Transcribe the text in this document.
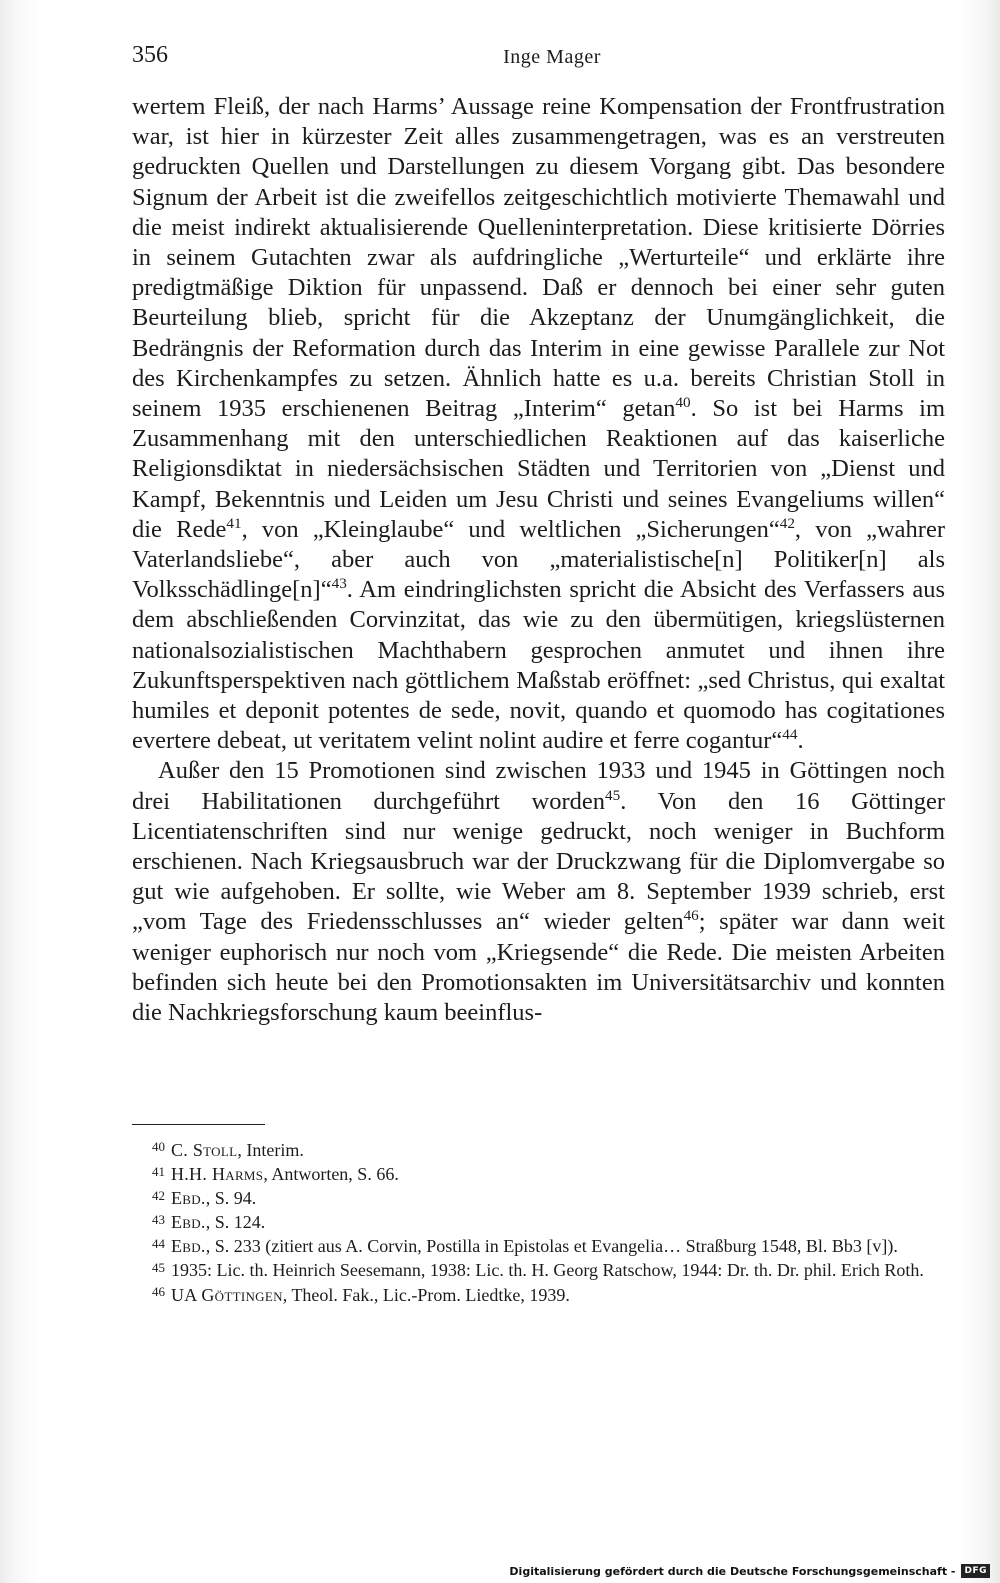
356	Inge Mager

wertem Fleiß, der nach Harms’ Aussage reine Kompensation der Frontfrustration war, ist hier in kürzester Zeit alles zusammengetragen, was es an verstreuten gedruckten Quellen und Darstellungen zu diesem Vorgang gibt. Das besondere Signum der Arbeit ist die zweifellos zeitgeschichtlich motivierte Themawahl und die meist indirekt aktualisierende Quelleninterpretation. Diese kritisierte Dörries in seinem Gutachten zwar als aufdringliche „Werturteile“ und erklärte ihre predigtmäßige Diktion für unpassend. Daß er dennoch bei einer sehr guten Beurteilung blieb, spricht für die Akzeptanz der Unumgänglichkeit, die Bedrängnis der Reformation durch das Interim in eine gewisse Parallele zur Not des Kirchenkampfes zu setzen. Ähnlich hatte es u.a. bereits Christian Stoll in seinem 1935 erschienenen Beitrag „Interim“ getan$^{40}$. So ist bei Harms im Zusammenhang mit den unterschiedlichen Reaktionen auf das kaiserliche Religionsdiktat in niedersächsischen Städten und Territorien von „Dienst und Kampf, Bekenntnis und Leiden um Jesu Christi und seines Evangeliums willen“ die Rede$^{41}$, von „Kleinglaube“ und weltlichen „Sicherungen“$^{42}$, von „wahrer Vaterlandsliebe“, aber auch von „materialistische[n] Politiker[n] als Volksschädlinge[n]“$^{43}$. Am eindringlichsten spricht die Absicht des Verfassers aus dem abschließenden Corvinzitat, das wie zu den übermütigen, kriegslüsternen nationalsozialistischen Machthabern gesprochen anmutet und ihnen ihre Zukunftsperspektiven nach göttlichem Maßstab eröffnet: „sed Christus, qui exaltat humiles et deponit potentes de sede, novit, quando et quomodo has cogitationes evertere debeat, ut veritatem velint nolint audire et ferre cogantur“$^{44}$.

Außer den 15 Promotionen sind zwischen 1933 und 1945 in Göttingen noch drei Habilitationen durchgeführt worden$^{45}$. Von den 16 Göttinger Licentiatenschriften sind nur wenige gedruckt, noch weniger in Buchform erschienen. Nach Kriegsausbruch war der Druckzwang für die Diplomvergabe so gut wie aufgehoben. Er sollte, wie Weber am 8. September 1939 schrieb, erst „vom Tage des Friedensschlusses an“ wieder gelten$^{46}$; später war dann weit weniger euphorisch nur noch vom „Kriegsende“ die Rede. Die meisten Arbeiten befinden sich heute bei den Promotionsakten im Universitätsarchiv und konnten die Nachkriegsforschung kaum beeinflus-

$^{40}$ C. Stoll, Interim.

$^{41}$ H.H. Harms, Antworten, S. 66.

$^{42}$ Ebd., S. 94.

$^{43}$ Ebd., S. 124.

$^{44}$ Ebd., S. 233 (zitiert aus A. Corvin, Postilla in Epistolas et Evangelia… Straßburg 1548, Bl. Bb3 [v]).

$^{45}$ 1935: Lic. th. Heinrich Seesemann, 1938: Lic. th. H. Georg Ratschow, 1944: Dr. th. Dr. phil. Erich Roth.

$^{46}$ UA Göttingen, Theol. Fak., Lic.-Prom. Liedtke, 1939.

Digitalisierung gefördert durch die Deutsche Forschungsgemeinschaft -	DFG
